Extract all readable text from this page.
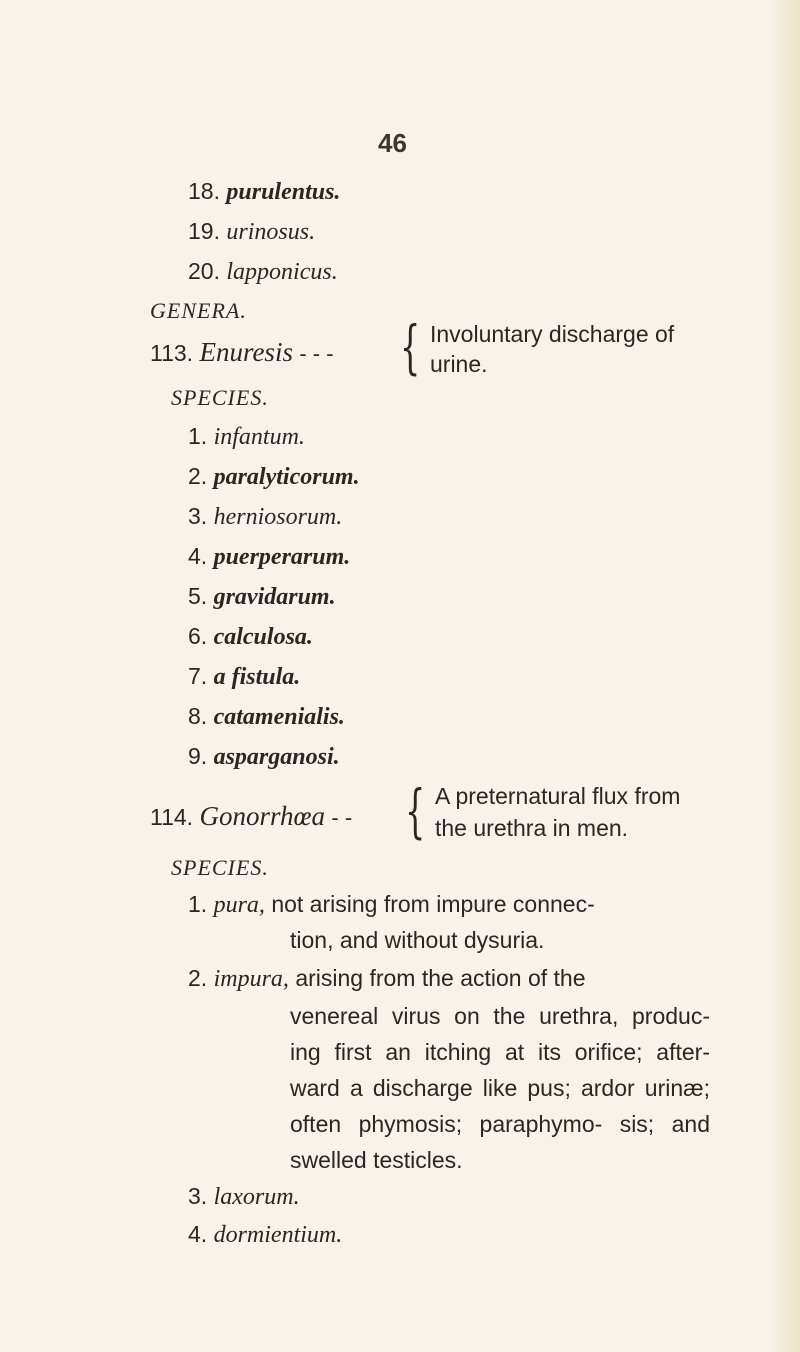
46
18. purulentus.
19. urinosus.
20. lapponicus.
GENERA.
113. Enuresis - - - { Involuntary discharge of
urine.
SPECIES.
1. infantum.
2. paralyticorum.
3. herniosorum.
4. puerperarum.
5. gravidarum.
6. calculosa.
7. a fistula.
8. catamenialis.
9. asparganosi.
114. Gonorrhœa - - { A preternatural flux from
the urethra in men.
SPECIES.
1. pura, not arising from impure connec-
tion, and without dysuria.
2. impura, arising from the action of the
venereal virus on the urethra, produc- ing first an itching at its orifice; after- ward a discharge like pus; ardor urinæ; often phymosis; paraphymo- sis; and swelled testicles.
3. laxorum.
4. dormientium.
